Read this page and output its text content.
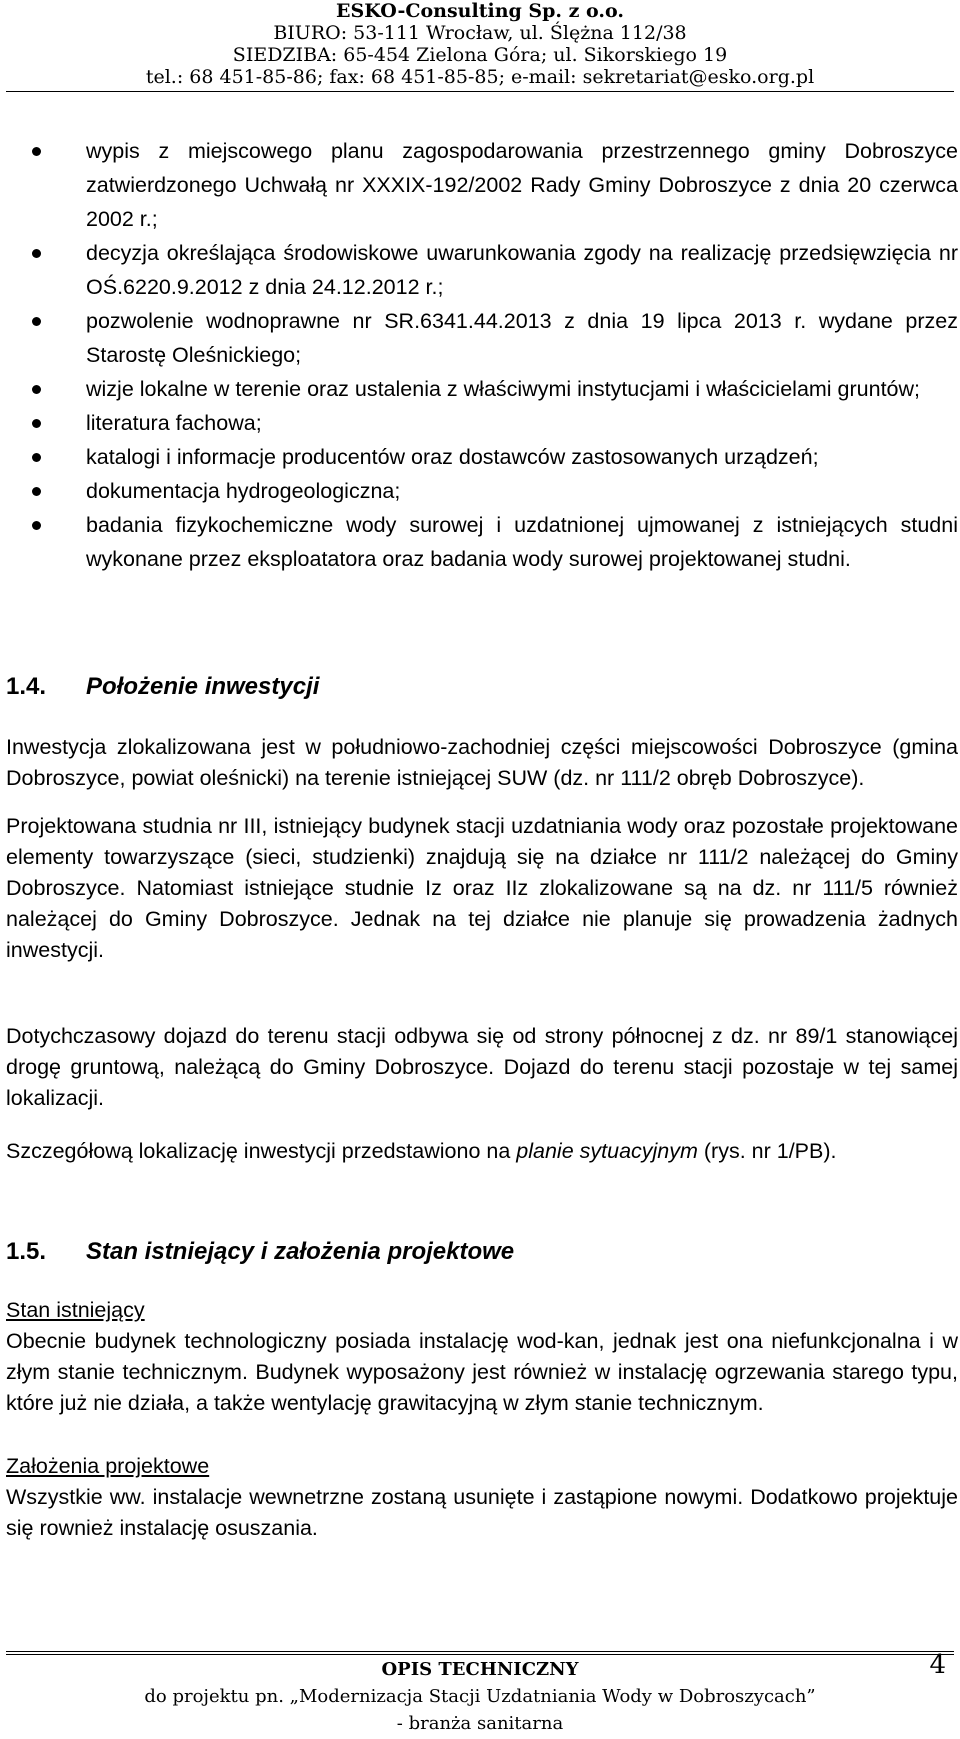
ESKO-Consulting Sp. z o.o.
BIURO: 53-111 Wrocław, ul. Ślężna 112/38
SIEDZIBA: 65-454 Zielona Góra; ul. Sikorskiego 19
tel.: 68 451-85-86; fax: 68 451-85-85; e-mail: sekretariat@esko.org.pl
wypis z miejscowego planu zagospodarowania przestrzennego gminy Dobroszyce zatwierdzonego Uchwałą nr XXXIX-192/2002 Rady Gminy Dobroszyce z dnia 20 czerwca 2002 r.;
decyzja określająca środowiskowe uwarunkowania zgody na realizację przedsięwzięcia nr OŚ.6220.9.2012 z dnia 24.12.2012 r.;
pozwolenie wodnoprawne nr SR.6341.44.2013 z dnia 19 lipca 2013 r. wydane przez Starostę Oleśnickiego;
wizje lokalne w terenie oraz ustalenia z właściwymi instytucjami i właścicielami gruntów;
literatura fachowa;
katalogi i informacje producentów oraz dostawców zastosowanych urządzeń;
dokumentacja hydrogeologiczna;
badania fizykochemiczne wody surowej i uzdatnionej ujmowanej z istniejących studni wykonane przez eksploatatora oraz badania wody surowej projektowanej studni.
1.4. Położenie inwestycji

Inwestycja zlokalizowana jest w południowo-zachodniej części miejscowości Dobroszyce (gmina Dobroszyce, powiat oleśnicki) na terenie istniejącej SUW (dz. nr 111/2 obręb Dobroszyce).

Projektowana studnia nr III, istniejący budynek stacji uzdatniania wody oraz pozostałe projektowane elementy towarzyszące (sieci, studzienki) znajdują się na działce nr 111/2 należącej do Gminy Dobroszyce. Natomiast istniejące studnie Iz oraz IIz zlokalizowane są na dz. nr 111/5 również należącej do Gminy Dobroszyce. Jednak na tej działce nie planuje się prowadzenia żadnych inwestycji.

Dotychczasowy dojazd do terenu stacji odbywa się od strony północnej z dz. nr 89/1 stanowiącej drogę gruntową, należącą do Gminy Dobroszyce. Dojazd do terenu stacji pozostaje w tej samej lokalizacji.

Szczegółową lokalizację inwestycji przedstawiono na planie sytuacyjnym (rys. nr 1/PB).

1.5. Stan istniejący i założenia projektowe

Stan istniejący

Obecnie budynek technologiczny posiada instalację wod-kan, jednak jest ona niefunkcjonalna i w złym stanie technicznym. Budynek wyposażony jest również w instalację ogrzewania starego typu, które już nie działa, a także wentylację grawitacyjną w złym stanie technicznym.

Założenia projektowe

Wszystkie ww. instalacje wewnetrzne zostaną usunięte i zastąpione nowymi. Dodatkowo projektuje się rownież instalację osuszania.

OPIS TECHNICZNY
do projektu pn. „Modernizacja Stacji Uzdatniania Wody w Dobroszycach”
- branża sanitarna
4
